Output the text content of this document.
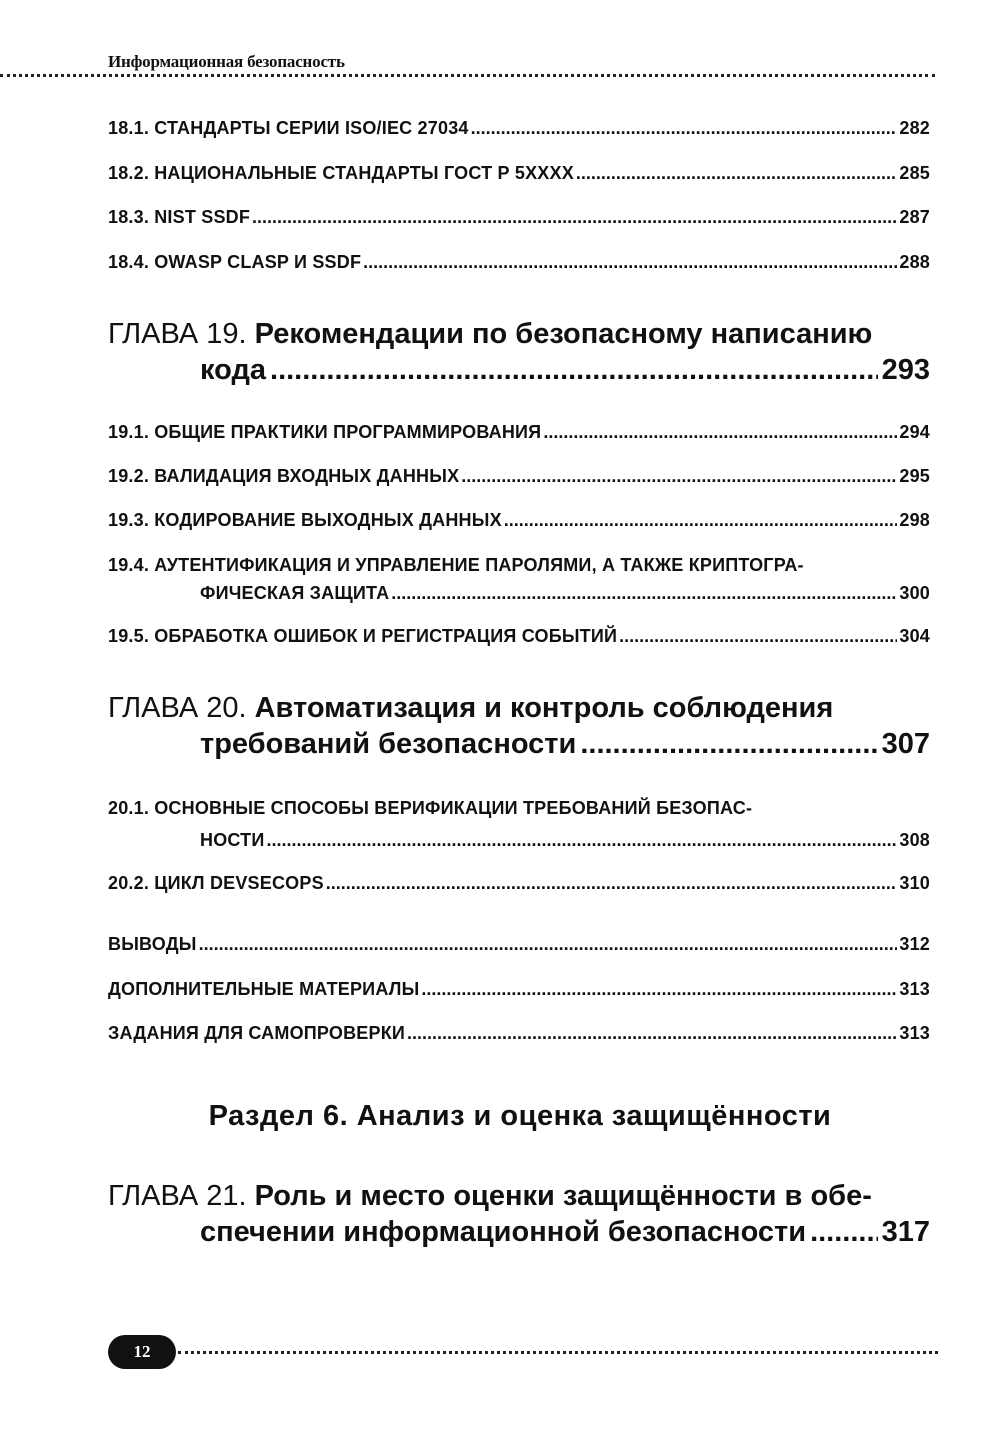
Информационная безопасность
18.1. СТАНДАРТЫ СЕРИИ ISO/IEC 27034 .....	282
18.2. НАЦИОНАЛЬНЫЕ СТАНДАРТЫ ГОСТ Р 5XXXX .....	285
18.3. NIST SSDF .....	287
18.4. OWASP CLASP И SSDF .....	288
ГЛАВА 19.
Рекомендации по безопасному написанию
кода .....	293
19.1. ОБЩИЕ ПРАКТИКИ ПРОГРАММИРОВАНИЯ .....	294
19.2. ВАЛИДАЦИЯ ВХОДНЫХ ДАННЫХ .....	295
19.3. КОДИРОВАНИЕ ВЫХОДНЫХ ДАННЫХ .....	298
19.4. АУТЕНТИФИКАЦИЯ И УПРАВЛЕНИЕ ПАРОЛЯМИ, А ТАКЖЕ КРИПТОГРА-
ФИЧЕСКАЯ ЗАЩИТА .....	300
19.5. ОБРАБОТКА ОШИБОК И РЕГИСТРАЦИЯ СОБЫТИЙ .....	304
ГЛАВА 20.
Автоматизация и контроль соблюдения
требований безопасности .....	307
20.1. ОСНОВНЫЕ СПОСОБЫ ВЕРИФИКАЦИИ ТРЕБОВАНИЙ БЕЗОПАС-
НОСТИ .....	308
20.2. ЦИКЛ DEVSECOPS .....	310
ВЫВОДЫ .....	312
ДОПОЛНИТЕЛЬНЫЕ МАТЕРИАЛЫ .....	313
ЗАДАНИЯ ДЛЯ САМОПРОВЕРКИ .....	313
Раздел 6. Анализ и оценка защищённости
ГЛАВА 21.
Роль и место оценки защищённости в обе-
спечении информационной безопасности .....	317
12
